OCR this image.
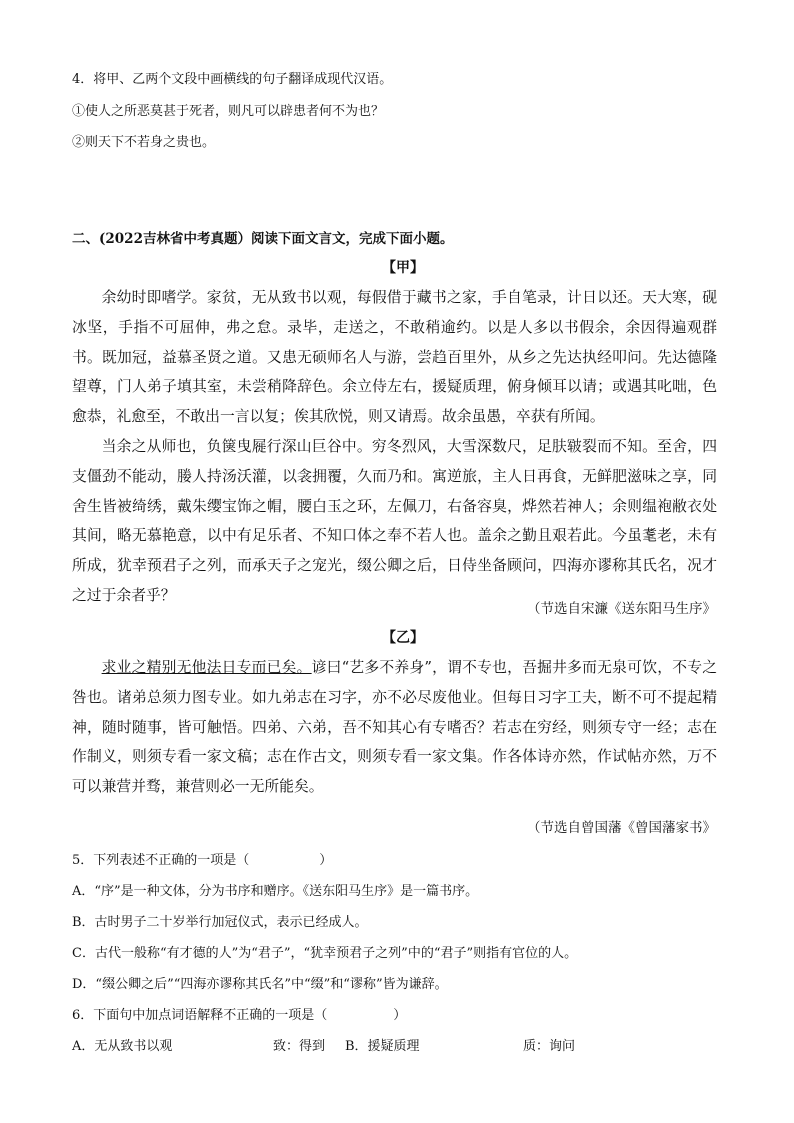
4．将甲、乙两个文段中画横线的句子翻译成现代汉语。
①使人之所恶莫甚于死者，则凡可以辟患者何不为也？
②则天下不若身之贵也。
二、(2022吉林省中考真题）阅读下面文言文，完成下面小题。
【甲】

余幼时即嗜学。家贫，无从致书以观，每假借于藏书之家，手自笔录，计日以还。天大寒，砚冰坚，手指不可屈伸，弗之怠。录毕，走送之，不敢稍逾约。以是人多以书假余，余因得遍观群书。既加冠，益慕圣贤之道。又患无硕师名人与游，尝趋百里外，从乡之先达执经叩问。先达德隆望尊，门人弟子填其室，未尝稍降辞色。余立侍左右，援疑质理，俯身倾耳以请；或遇其叱咄，色愈恭，礼愈至，不敢出一言以复；俟其欣悦，则又请焉。故余虽愚，卒获有所闻。

当余之从师也，负箧曳屣行深山巨谷中。穷冬烈风，大雪深数尺，足肤皲裂而不知。至舍，四支僵劲不能动，媵人持汤沃灌，以衾拥覆，久而乃和。寓逆旅，主人日再食，无鲜肥滋味之享，同舍生皆被绮绣，戴朱缨宝饰之帽，腰白玉之环，左佩刀，右备容臭，烨然若神人；余则缊袍敝衣处其间，略无慕艳意，以中有足乐者、不知口体之奉不若人也。盖余之勤且艰若此。今虽耄老，未有所成，犹幸预君子之列，而承天子之宠光，缀公卿之后，日侍坐备顾问，四海亦谬称其氏名，况才之过于余者乎？

（节选自宋濂《送东阳马生序》
【乙】

求业之精别无他法日专而已矣。谚曰“艺多不养身”，谓不专也，吾掘井多而无泉可饮，不专之咎也。诸弟总须力图专业。如九弟志在习字，亦不必尽废他业。但每日习字工夫，断不可不提起精神，随时随事，皆可触悟。四弟、六弟，吾不知其心有专嗜否？若志在穷经，则须专守一经；志在作制义，则须专看一家文稿；志在作古文，则须专看一家文集。作各体诗亦然，作试帖亦然，万不可以兼营并骛，兼营则必一无所能矣。

（节选自曾国藩《曾国藩家书》
5．下列表述不正确的一项是（	）
A．“序”是一种文体，分为书序和赠序。《送东阳马生序》是一篇书序。
B．古时男子二十岁举行加冠仪式，表示已经成人。
C．古代一般称“有才德的人”为“君子”，“犹幸预君子之列”中的“君子”则指有官位的人。
D．“缀公卿之后”“四海亦谬称其氏名”中“缀”和“谬称”皆为谦辞。
6．下面句中加点词语解释不正确的一项是（	）
A．无从致书以观	致：得到 B．援疑质理	质：询问
